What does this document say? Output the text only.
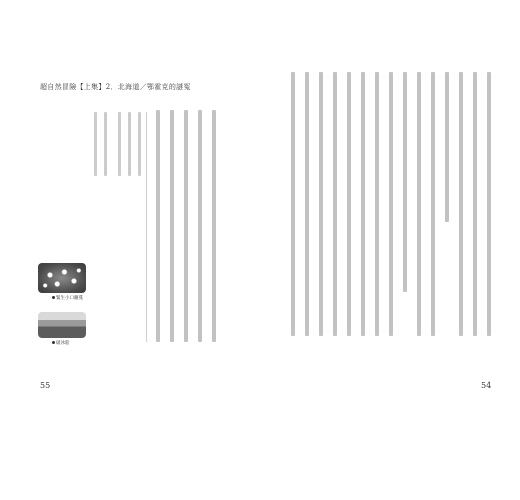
超自然冒險【上集】2．北海道／鄂霍克的謎冤
緊生小口蘿蔓
破冰船
55	54
